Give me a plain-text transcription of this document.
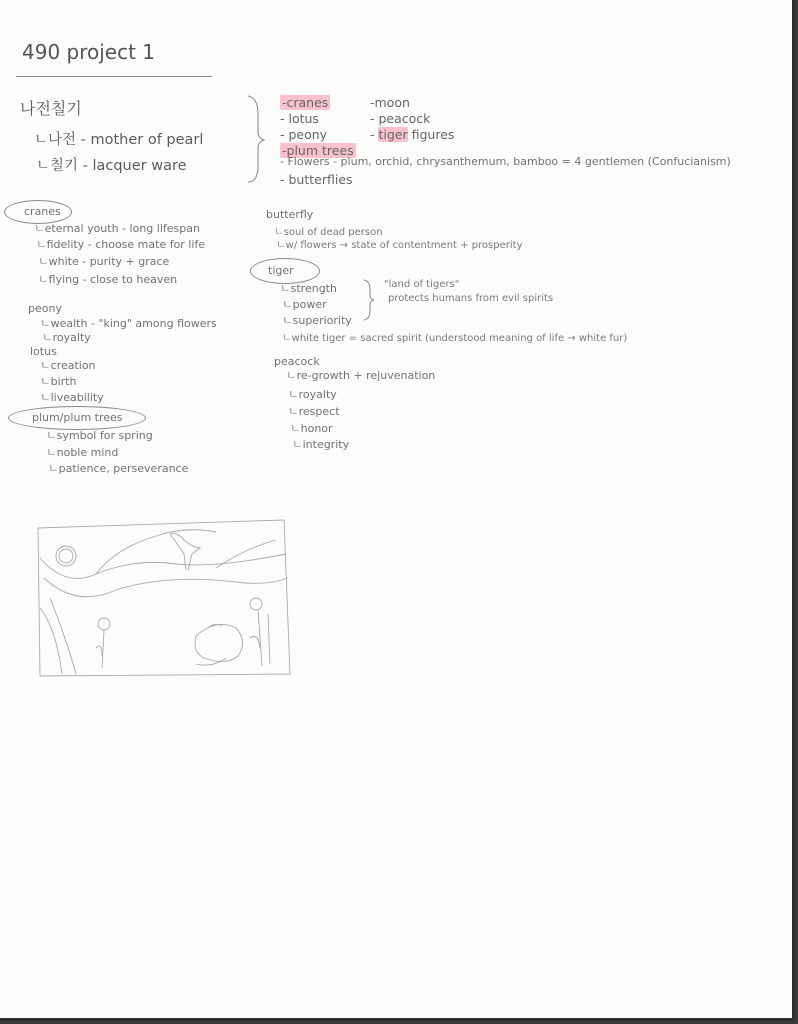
490 project 1
나전칠기
ㄴ나전 - mother of pearl
ㄴ칠기 - lacquer ware
-cranes
- lotus
- peony
-plum trees
-moon
- peacock
- tiger figures
- Flowers - plum, orchid, chrysanthemum, bamboo = 4 gentlemen (Confucianism)
- butterflies
cranes
ㄴeternal youth - long lifespan
ㄴfidelity - choose mate for life
ㄴwhite - purity + grace
ㄴflying - close to heaven
peony
ㄴwealth - "king" among flowers
ㄴroyalty
lotus
ㄴcreation
ㄴbirth
ㄴliveability
plum/plum trees
ㄴsymbol for spring
ㄴnoble mind
ㄴpatience, perseverance
butterfly
ㄴsoul of dead person
ㄴw/ flowers → state of contentment + prosperity
tiger
ㄴstrength
ㄴpower
ㄴsuperiority
"land of tigers"
protects humans from evil spirits
ㄴwhite tiger = sacred spirit (understood meaning of life → white fur)
peacock
ㄴre-growth + rejuvenation
ㄴroyalty
ㄴrespect
ㄴhonor
ㄴintegrity
